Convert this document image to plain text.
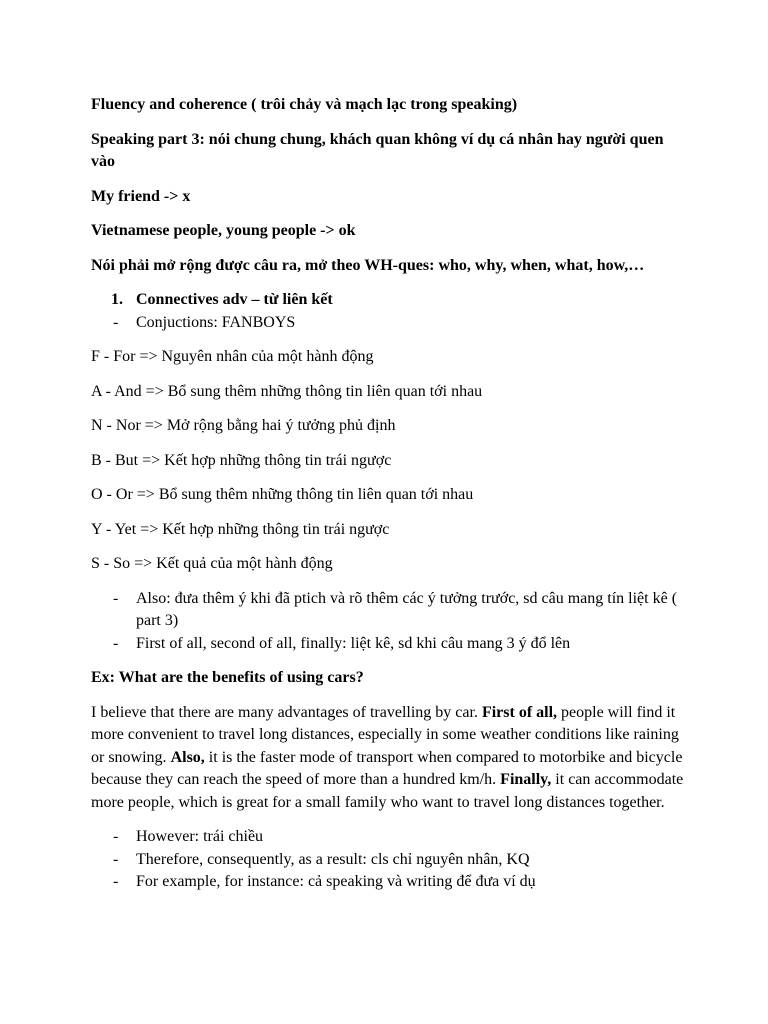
Fluency and coherence ( trôi chảy và mạch lạc trong speaking)

Speaking part 3: nói chung chung, khách quan không ví dụ cá nhân hay người quen vào

My friend -> x

Vietnamese people, young people -> ok

Nói phải mở rộng được câu ra, mở theo WH-ques: who, why, when, what, how,…

1. Connectives adv – từ liên kết
- Conjuctions: FANBOYS

F - For => Nguyên nhân của một hành động

A - And => Bổ sung thêm những thông tin liên quan tới nhau

N - Nor => Mở rộng bằng hai ý tưởng phủ định

B - But => Kết hợp những thông tin trái ngược

O - Or => Bổ sung thêm những thông tin liên quan tới nhau

Y - Yet => Kết hợp những thông tin trái ngược

S - So => Kết quả của một hành động

- Also: đưa thêm ý khi đã ptich và rõ thêm các ý tưởng trước, sd câu mang tín liệt kê ( part 3)
- First of all, second of all, finally: liệt kê, sd khi câu mang 3 ý đổ lên

Ex: What are the benefits of using cars?

I believe that there are many advantages of travelling by car. First of all, people will find it more convenient to travel long distances, especially in some weather conditions like raining or snowing. Also, it is the faster mode of transport when compared to motorbike and bicycle because they can reach the speed of more than a hundred km/h. Finally, it can accommodate more people, which is great for a small family who want to travel long distances together.

- However: trái chiều
- Therefore, consequently, as a result: cls chỉ nguyên nhân, KQ
- For example, for instance: cả speaking và writing để đưa ví dụ
